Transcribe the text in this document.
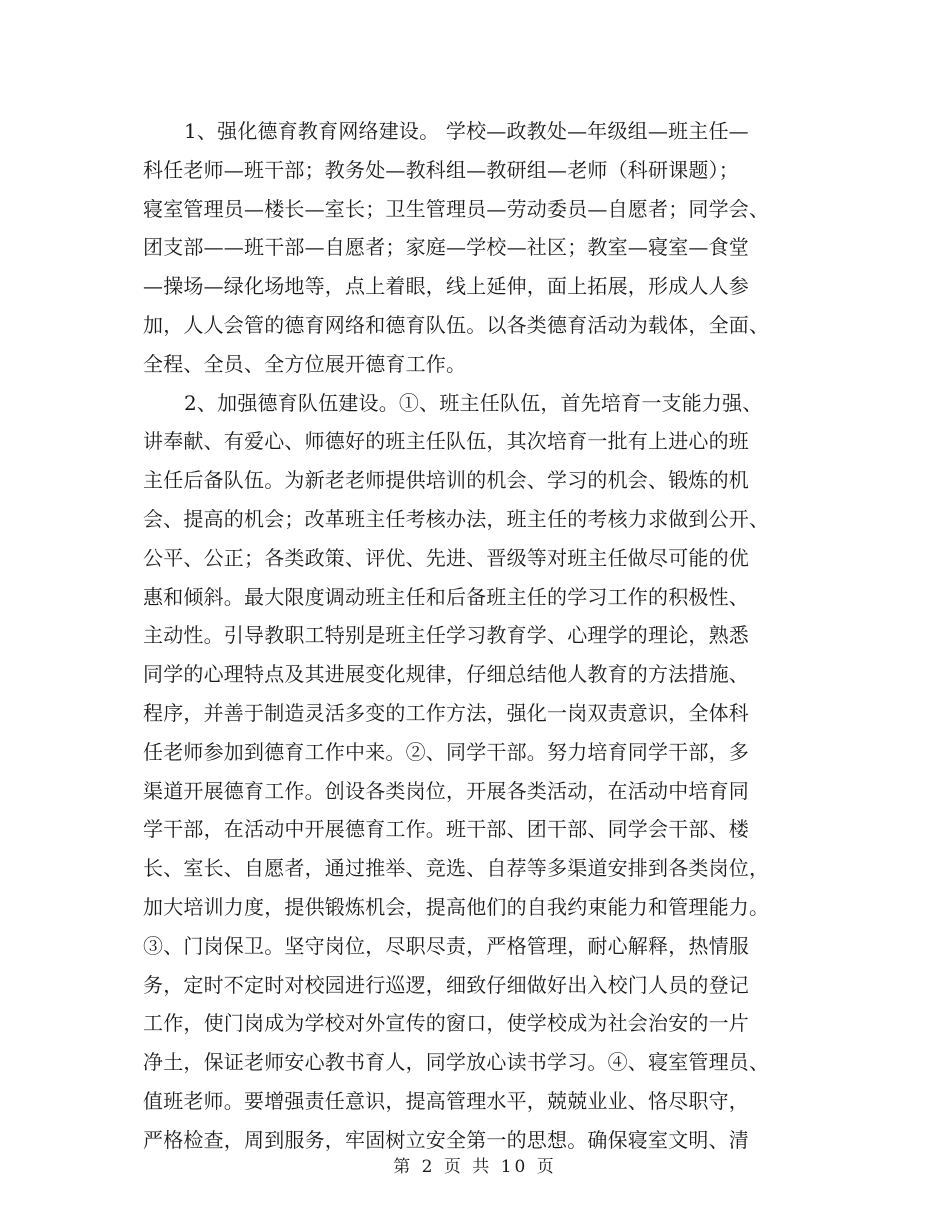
1、强化德育教育网络建设。 学校—政教处—年级组—班主任—
科任老师—班干部；教务处—教科组—教研组—老师（科研课题）；
寝室管理员—楼长—室长；卫生管理员—劳动委员—自愿者；同学会、
团支部——班干部—自愿者；家庭—学校—社区；教室—寝室—食堂
—操场—绿化场地等，点上着眼，线上延伸，面上拓展，形成人人参
加，人人会管的德育网络和德育队伍。以各类德育活动为载体，全面、
全程、全员、全方位展开德育工作。
2、加强德育队伍建设。①、班主任队伍，首先培育一支能力强、
讲奉献、有爱心、师德好的班主任队伍，其次培育一批有上进心的班
主任后备队伍。为新老老师提供培训的机会、学习的机会、锻炼的机
会、提高的机会；改革班主任考核办法，班主任的考核力求做到公开、
公平、公正；各类政策、评优、先进、晋级等对班主任做尽可能的优
惠和倾斜。最大限度调动班主任和后备班主任的学习工作的积极性、
主动性。引导教职工特别是班主任学习教育学、心理学的理论，熟悉
同学的心理特点及其进展变化规律，仔细总结他人教育的方法措施、
程序，并善于制造灵活多变的工作方法，强化一岗双责意识，全体科
任老师参加到德育工作中来。②、同学干部。努力培育同学干部，多
渠道开展德育工作。创设各类岗位，开展各类活动，在活动中培育同
学干部，在活动中开展德育工作。班干部、团干部、同学会干部、楼
长、室长、自愿者，通过推举、竞选、自荐等多渠道安排到各类岗位，
加大培训力度，提供锻炼机会，提高他们的自我约束能力和管理能力。
③、门岗保卫。坚守岗位，尽职尽责，严格管理，耐心解释，热情服
务，定时不定时对校园进行巡逻，细致仔细做好出入校门人员的登记
工作，使门岗成为学校对外宣传的窗口，使学校成为社会治安的一片
净土，保证老师安心教书育人，同学放心读书学习。④、寝室管理员、
值班老师。要增强责任意识，提高管理水平，兢兢业业、恪尽职守，
严格检查，周到服务，牢固树立安全第一的思想。确保寝室文明、清
第 2 页 共 10 页
